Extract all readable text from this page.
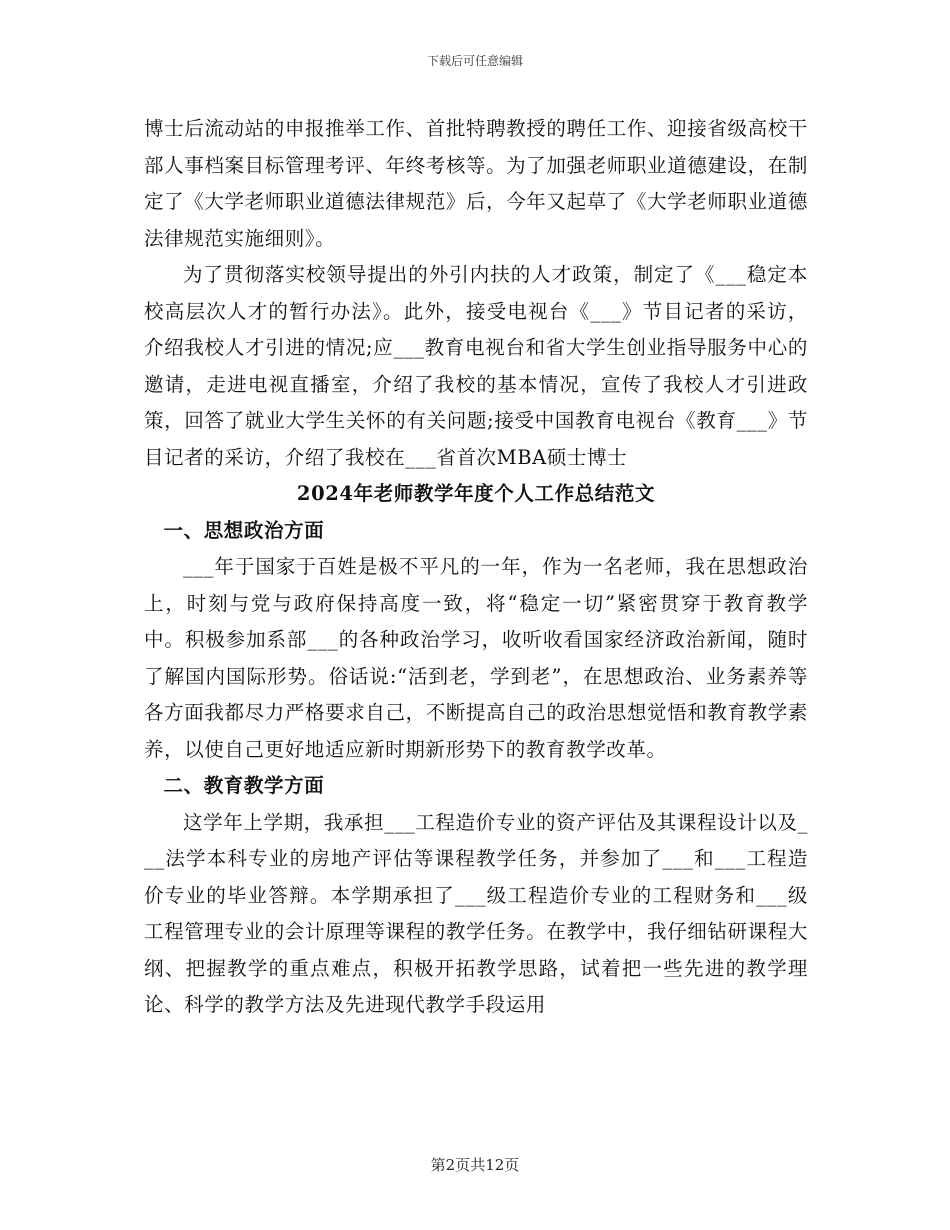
下载后可任意编辑

博士后流动站的申报推举工作、首批特聘教授的聘任工作、迎接省级高校干部人事档案目标管理考评、年终考核等。为了加强老师职业道德建设，在制定了《大学老师职业道德法律规范》后，今年又起草了《大学老师职业道德法律规范实施细则》。

为了贯彻落实校领导提出的外引内扶的人才政策，制定了《___稳定本校高层次人才的暂行办法》。此外，接受电视台《___》节目记者的采访，介绍我校人才引进的情况;应___教育电视台和省大学生创业指导服务中心的邀请，走进电视直播室，介绍了我校的基本情况，宣传了我校人才引进政策，回答了就业大学生关怀的有关问题;接受中国教育电视台《教育___》节目记者的采访，介绍了我校在___省首次MBA硕士博士

2024年老师教学年度个人工作总结范文

一、思想政治方面

___年于国家于百姓是极不平凡的一年，作为一名老师，我在思想政治上，时刻与党与政府保持高度一致，将“稳定一切”紧密贯穿于教育教学中。积极参加系部___的各种政治学习，收听收看国家经济政治新闻，随时了解国内国际形势。俗话说:“活到老，学到老”，在思想政治、业务素养等各方面我都尽力严格要求自己，不断提高自己的政治思想觉悟和教育教学素养，以使自己更好地适应新时期新形势下的教育教学改革。

二、教育教学方面

这学年上学期，我承担___工程造价专业的资产评估及其课程设计以及___法学本科专业的房地产评估等课程教学任务，并参加了___和___工程造价专业的毕业答辩。本学期承担了___级工程造价专业的工程财务和___级工程管理专业的会计原理等课程的教学任务。在教学中，我仔细钻研课程大纲、把握教学的重点难点，积极开拓教学思路，试着把一些先进的教学理论、科学的教学方法及先进现代教学手段运用

第2页共12页
